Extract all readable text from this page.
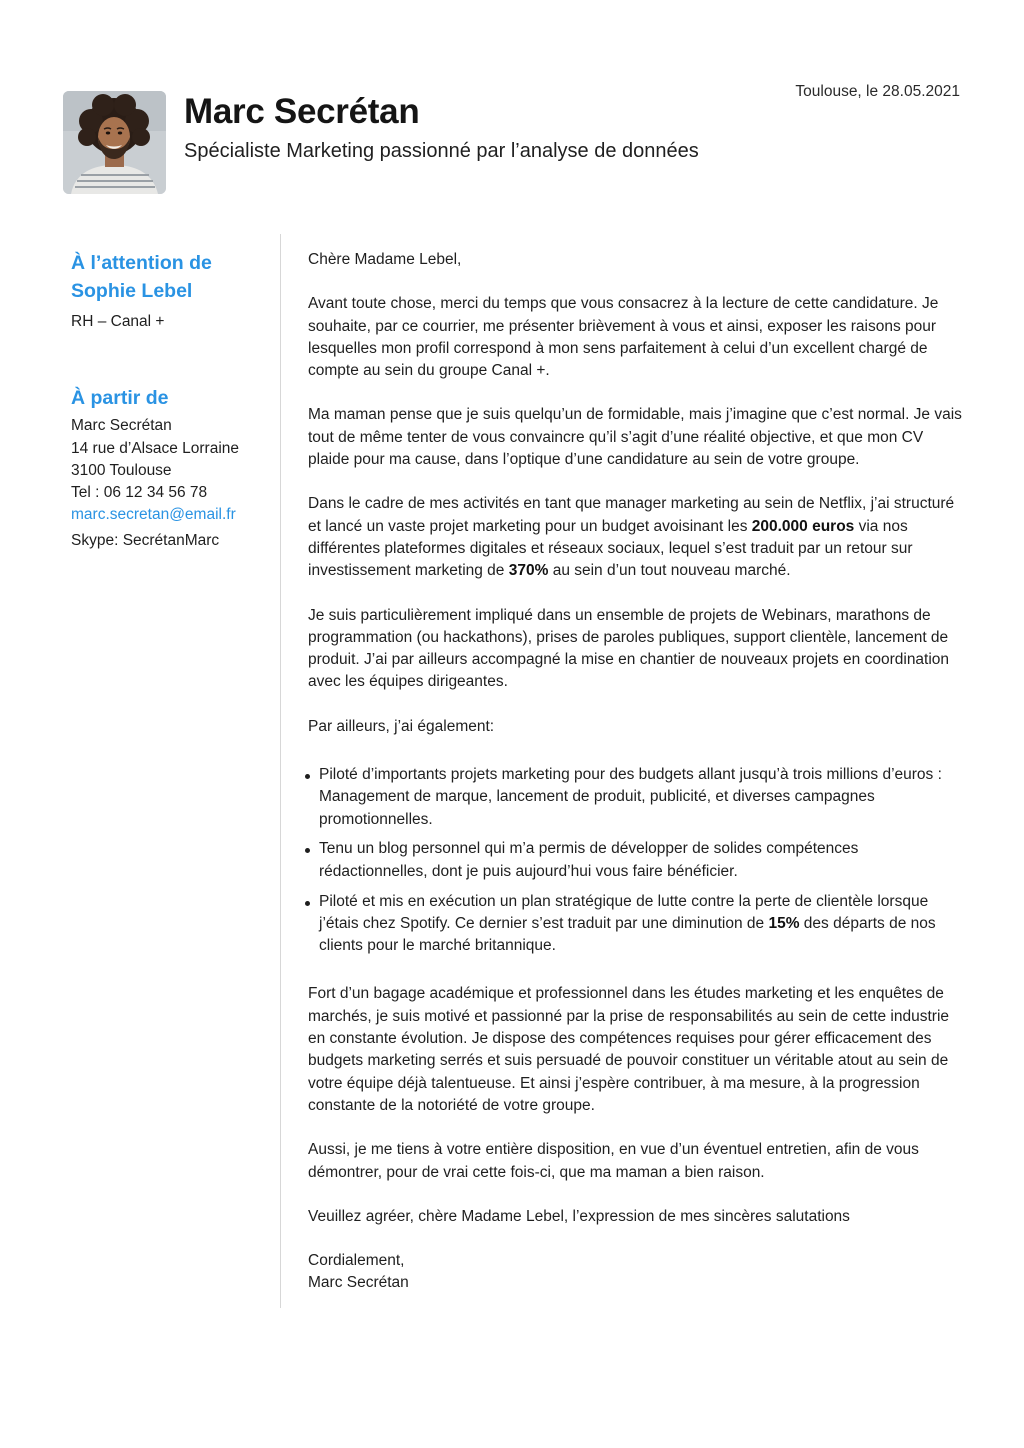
Marc Secrétan

Spécialiste Marketing passionné par l’analyse de données

Toulouse, le 28.05.2021
À l’attention de
Sophie Lebel
RH – Canal +
À partir de
Marc Secrétan
14 rue d’Alsace Lorraine
3100 Toulouse
Tel : 06 12 34 56 78
marc.secretan@email.fr
Skype: SecrétanMarc

Chère Madame Lebel,

Avant toute chose, merci du temps que vous consacrez à la lecture de cette candidature. Je souhaite, par ce courrier, me présenter brièvement à vous et ainsi, exposer les raisons pour lesquelles mon profil correspond à mon sens parfaitement à celui d’un excellent chargé de compte au sein du groupe Canal +.

Ma maman pense que je suis quelqu’un de formidable, mais j’imagine que c’est normal. Je vais tout de même tenter de vous convaincre qu’il s’agit d’une réalité objective, et que mon CV plaide pour ma cause, dans l’optique d’une candidature au sein de votre groupe.

Dans le cadre de mes activités en tant que manager marketing au sein de Netflix, j’ai structuré et lancé un vaste projet marketing pour un budget avoisinant les 200.000 euros via nos différentes plateformes digitales et réseaux sociaux, lequel s’est traduit par un retour sur investissement marketing de 370% au sein d’un tout nouveau marché.

Je suis particulièrement impliqué dans un ensemble de projets de Webinars, marathons de programmation (ou hackathons), prises de paroles publiques, support clientèle, lancement de produit. J’ai par ailleurs accompagné la mise en chantier de nouveaux projets en coordination avec les équipes dirigeantes.

Par ailleurs, j’ai également:

Piloté d’importants projets marketing pour des budgets allant jusqu’à trois millions d’euros : Management de marque, lancement de produit, publicité, et diverses campagnes promotionnelles.
Tenu un blog personnel qui m’a permis de développer de solides compétences rédactionnelles, dont je puis aujourd’hui vous faire bénéficier.
Piloté et mis en exécution un plan stratégique de lutte contre la perte de clientèle lorsque j’étais chez Spotify. Ce dernier s’est traduit par une diminution de 15% des départs de nos clients pour le marché britannique.

Fort d’un bagage académique et professionnel dans les études marketing et les enquêtes de marchés, je suis motivé et passionné par la prise de responsabilités au sein de cette industrie en constante évolution. Je dispose des compétences requises pour gérer efficacement des budgets marketing serrés et suis persuadé de pouvoir constituer un véritable atout au sein de votre équipe déjà talentueuse. Et ainsi j’espère contribuer, à ma mesure, à la progression constante de la notoriété de votre groupe.

Aussi, je me tiens à votre entière disposition, en vue d’un éventuel entretien, afin de vous démontrer, pour de vrai cette fois-ci, que ma maman a bien raison.

Veuillez agréer, chère Madame Lebel, l’expression de mes sincères salutations

Cordialement,
Marc Secrétan
